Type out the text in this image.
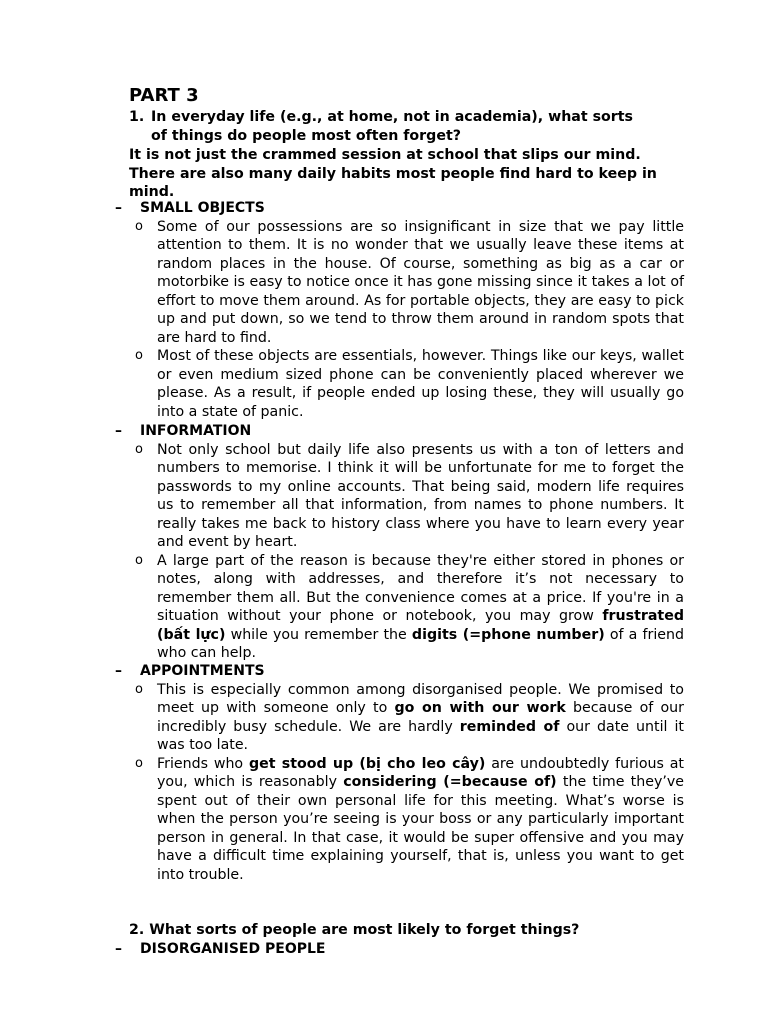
PART 3

1. In everyday life (e.g., at home, not in academia), what sorts
of things do people most often forget?

It is not just the crammed session at school that slips our mind. There are also many daily habits most people find hard to keep in mind.

–	SMALL OBJECTS
o Some of our possessions are so insignificant in size that we pay little attention to them. It is no wonder that we usually leave these items at random places in the house. Of course, something as big as a car or motorbike is easy to notice once it has gone missing since it takes a lot of effort to move them around. As for portable objects, they are easy to pick up and put down, so we tend to throw them around in random spots that are hard to find.
o Most of these objects are essentials, however. Things like our keys, wallet or even medium sized phone can be conveniently placed wherever we please. As a result, if people ended up losing these, they will usually go into a state of panic.
–	INFORMATION
o Not only school but daily life also presents us with a ton of letters and numbers to memorise. I think it will be unfortunate for me to forget the passwords to my online accounts. That being said, modern life requires us to remember all that information, from names to phone numbers. It really takes me back to history class where you have to learn every year and event by heart.
o A large part of the reason is because they're either stored in phones or notes, along with addresses, and therefore it’s not necessary to remember them all. But the convenience comes at a price. If you're in a situation without your phone or notebook, you may grow frustrated (bất lực) while you remember the digits (=phone number) of a friend who can help.
–	APPOINTMENTS
o This is especially common among disorganised people. We promised to meet up with someone only to go on with our work because of our incredibly busy schedule. We are hardly reminded of our date until it was too late.
o Friends who get stood up (bị cho leo cây) are undoubtedly furious at you, which is reasonably considering (=because of) the time they’ve spent out of their own personal life for this meeting. What’s worse is when the person you’re seeing is your boss or any particularly important person in general. In that case, it would be super offensive and you may have a difficult time explaining yourself, that is, unless you want to get into trouble.

2. What sorts of people are most likely to forget things?

–	DISORGANISED PEOPLE
